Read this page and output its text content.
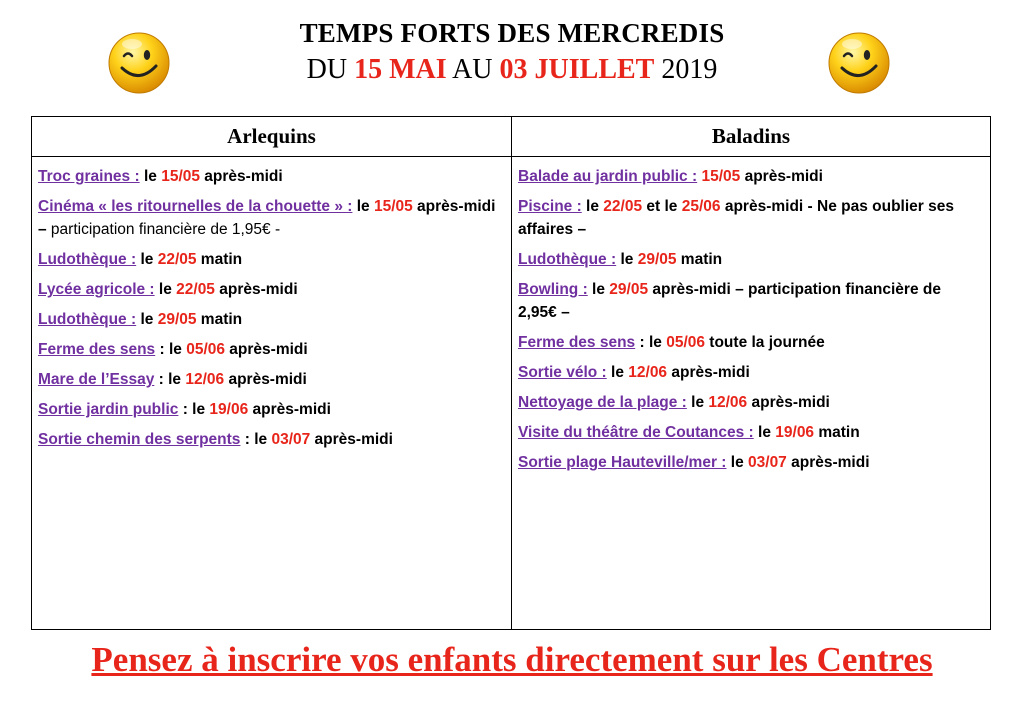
TEMPS FORTS DES MERCREDIS
DU 15 MAI AU 03 JUILLET 2019
Arlequins	Baladins
Troc graines : le 15/05 après-midi
Cinéma « les ritournelles de la chouette » : le 15/05 après-midi – participation financière de 1,95€ -
Ludothèque : le 22/05 matin
Lycée agricole : le 22/05 après-midi
Ludothèque : le 29/05 matin
Ferme des sens : le 05/06 après-midi
Mare de l’Essay : le 12/06 après-midi
Sortie jardin public : le 19/06 après-midi
Sortie chemin des serpents : le 03/07 après-midi
Balade au jardin public : 15/05 après-midi
Piscine : le 22/05 et le 25/06 après-midi - Ne pas oublier ses affaires –
Ludothèque : le 29/05 matin
Bowling : le 29/05 après-midi – participation financière de 2,95€ –
Ferme des sens : le 05/06 toute la journée
Sortie vélo : le 12/06 après-midi
Nettoyage de la plage : le 12/06 après-midi
Visite du théâtre de Coutances : le 19/06 matin
Sortie plage Hauteville/mer : le 03/07 après-midi
Pensez à inscrire vos enfants directement sur les Centres
